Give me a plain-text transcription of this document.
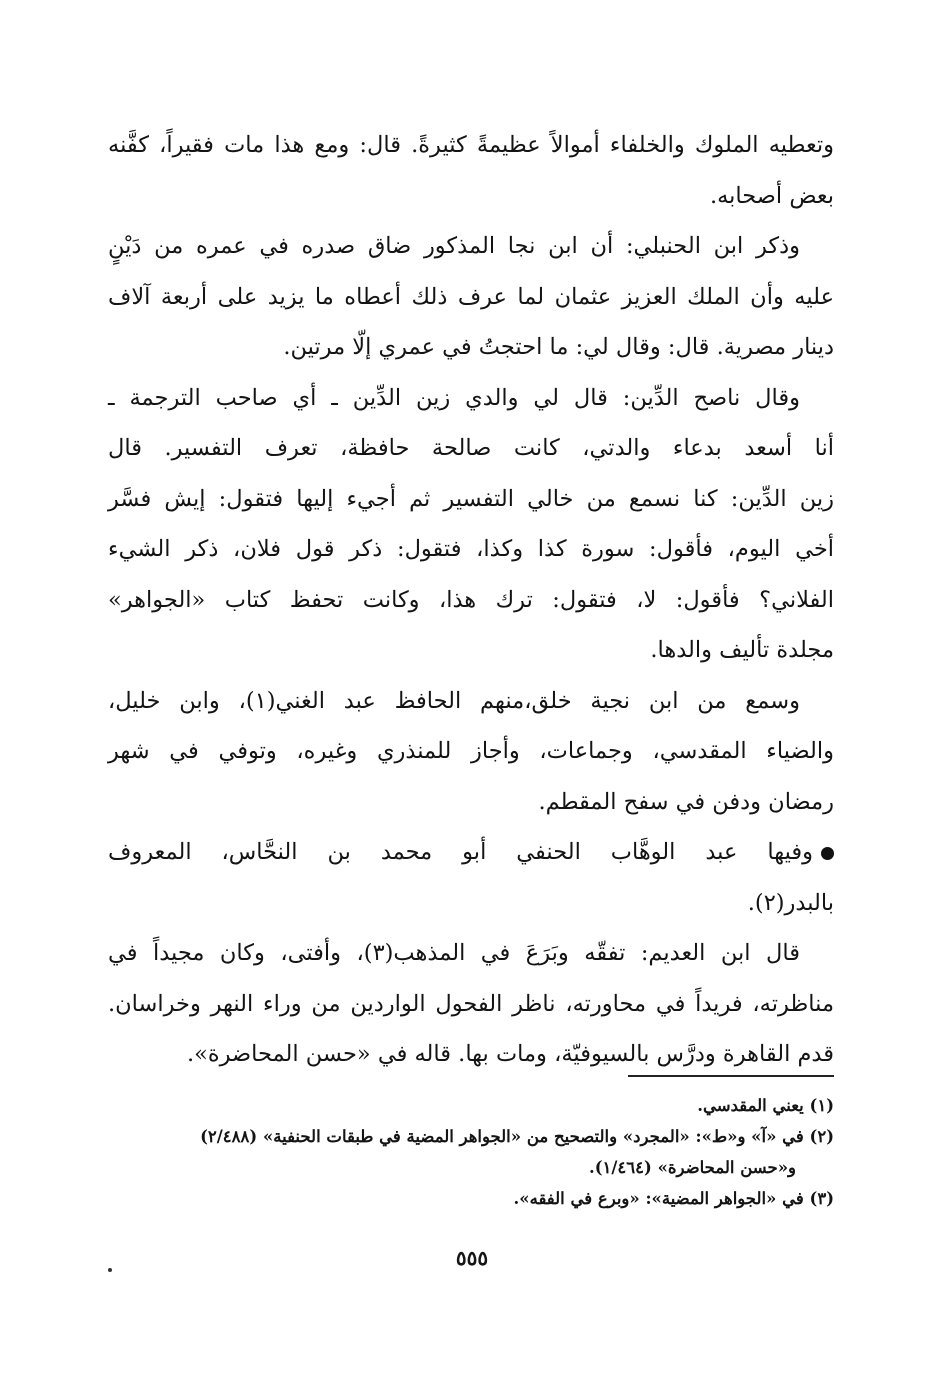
وتعطيه الملوك والخلفاء أموالاً عظيمةً كثيرةً. قال: ومع هذا مات فقيراً، كفَّنه
بعض أصحابه.
وذكر ابن الحنبلي: أن ابن نجا المذكور ضاق صدره في عمره من دَيْنٍ
عليه وأن الملك العزيز عثمان لما عرف ذلك أعطاه ما يزيد على أربعة آلاف
دينار مصرية. قال: وقال لي: ما احتجتُ في عمري إلّا مرتين.
وقال ناصح الدِّين: قال لي والدي زين الدِّين ـ أي صاحب الترجمة ـ
أنا أسعد بدعاء والدتي، كانت صالحة حافظة، تعرف التفسير. قال
زين الدِّين: كنا نسمع من خالي التفسير ثم أجيء إليها فتقول: إيش فسَّر
أخي اليوم، فأقول: سورة كذا وكذا، فتقول: ذكر قول فلان، ذكر الشيء
الفلاني؟ فأقول: لا، فتقول: ترك هذا، وكانت تحفظ كتاب «الجواهر»
مجلدة تأليف والدها.
وسمع من ابن نجية خلق،منهم الحافظ عبد الغني(١)، وابن خليل،
والضياء المقدسي، وجماعات، وأجاز للمنذري وغيره، وتوفي في شهر
رمضان ودفن في سفح المقطم.
وفيها عبد الوهَّاب الحنفي أبو محمد بن النحَّاس، المعروف
بالبدر(٢).
قال ابن العديم: تفقّه وبَرَعَ في المذهب(٣)، وأفتى، وكان مجيداً في
مناظرته، فريداً في محاورته، ناظر الفحول الواردين من وراء النهر وخراسان.
قدم القاهرة ودرَّس بالسيوفيّة، ومات بها. قاله في «حسن المحاضرة».
(١) يعني المقدسي.
(٢) في «آ» و«ط»: «المجرد» والتصحيح من «الجواهر المضية في طبقات الحنفية» (٢/٤٨٨)
و«حسن المحاضرة» (١/٤٦٤).
(٣) في «الجواهر المضية»: «وبرع في الفقه».
٥٥٥
